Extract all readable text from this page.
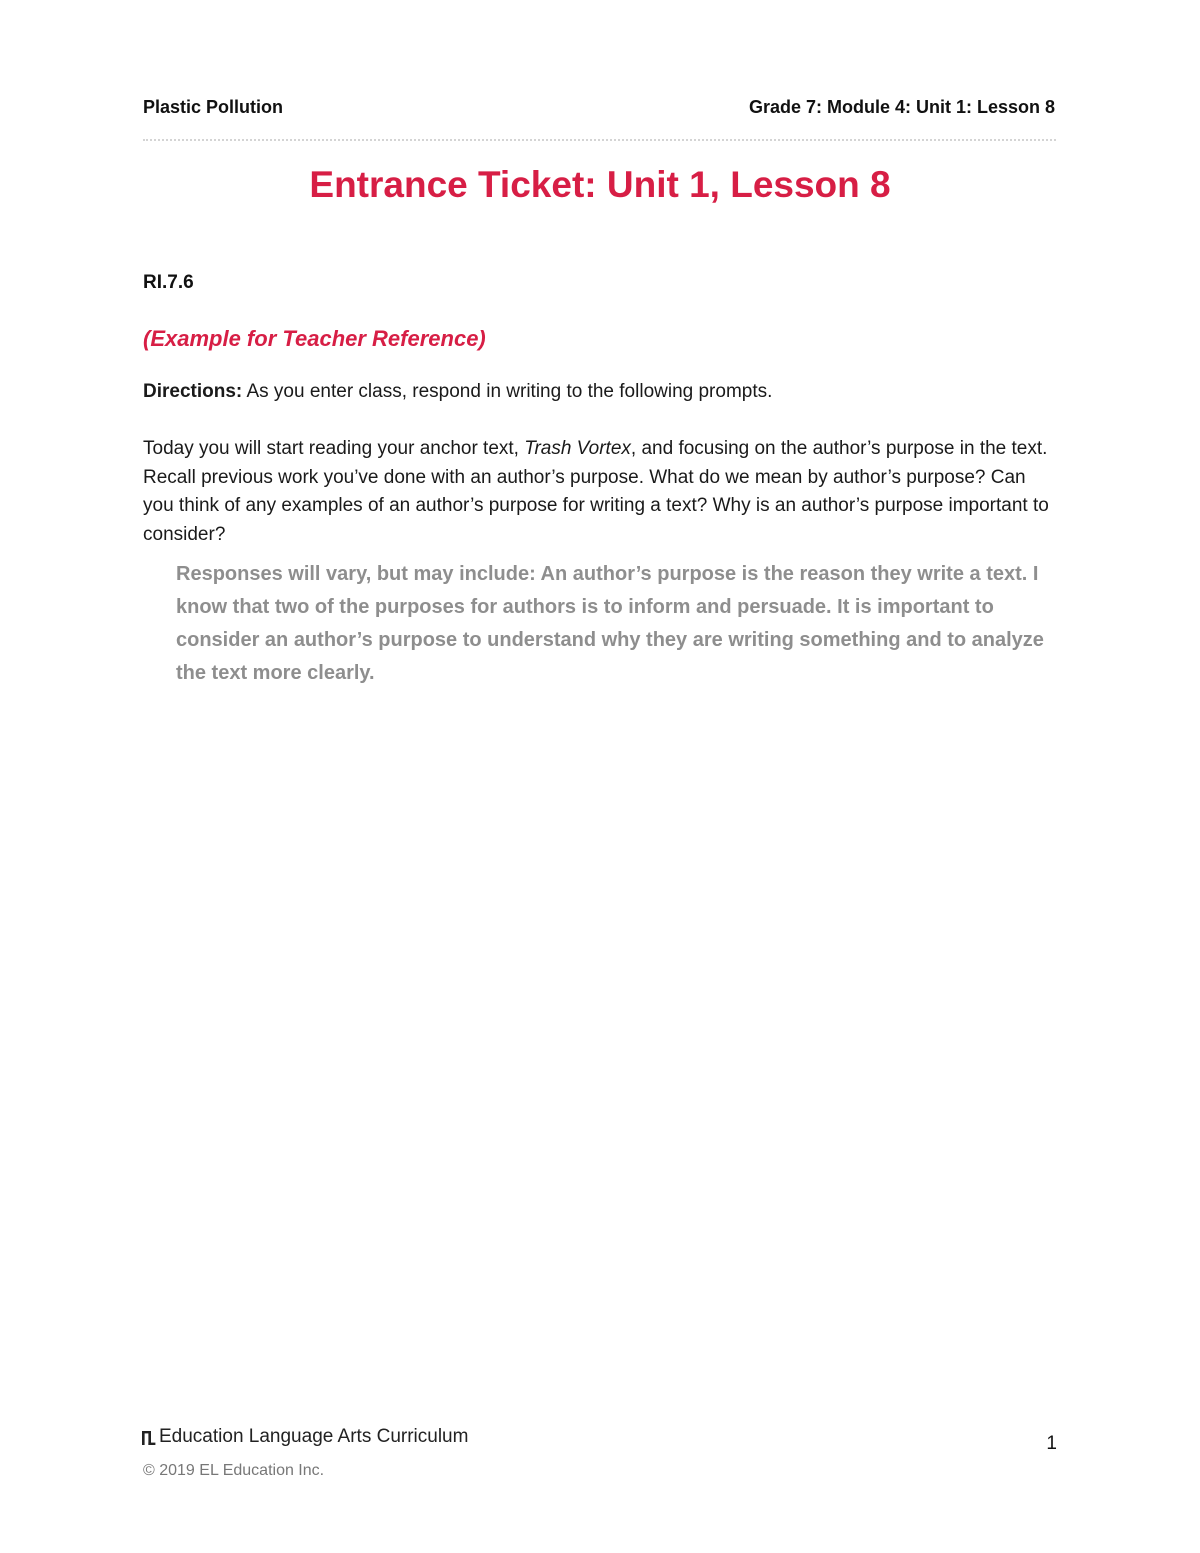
Plastic Pollution	Grade 7: Module 4: Unit 1: Lesson 8
Entrance Ticket: Unit 1, Lesson 8
RI.7.6
(Example for Teacher Reference)
Directions: As you enter class, respond in writing to the following prompts.
Today you will start reading your anchor text, Trash Vortex, and focusing on the author’s purpose in the text. Recall previous work you’ve done with an author’s purpose. What do we mean by author’s purpose? Can you think of any examples of an author’s purpose for writing a text? Why is an author’s purpose important to consider?
Responses will vary, but may include: An author’s purpose is the reason they write a text. I know that two of the purposes for authors is to inform and persuade. It is important to consider an author’s purpose to understand why they are writing something and to analyze the text more clearly.
Education Language Arts Curriculum
© 2019 EL Education Inc.
1
